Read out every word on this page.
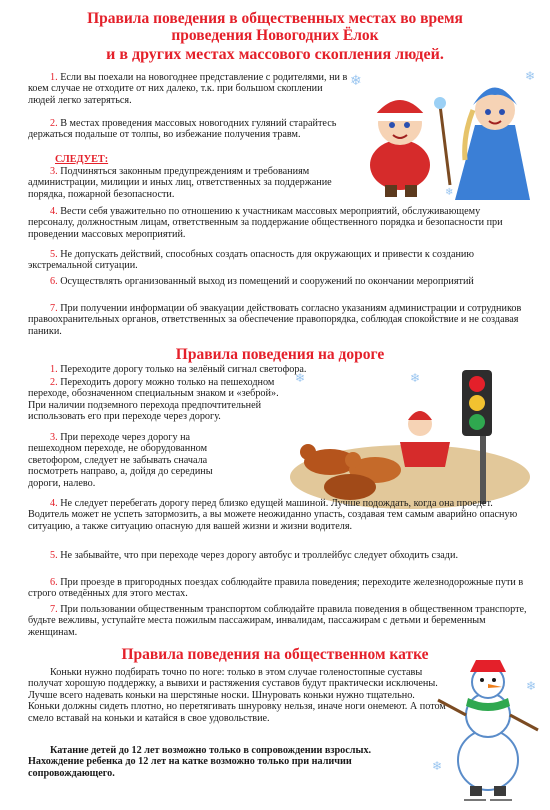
Правила поведения в общественных местах во время
проведения Новогодних Ёлок
и в других местах массового скопления людей.
❄	❄
❄
1. Если вы поехали на новогоднее представление с родителями, ни в коем случае не отходите от них далеко, т.к. при большом скоплении людей легко затеряться.
2. В местах проведения массовых новогодних гуляний старайтесь держаться подальше от толпы, во избежание получения травм.
СЛЕДУЕТ:
3. Подчиняться законным предупреждениям и требованиям администрации, милиции и иных лиц, ответственных за поддержание порядка, пожарной безопасности.
4. Вести себя уважительно по отношению к участникам массовых мероприятий, обслуживающему персоналу, должностным лицам, ответственным за поддержание общественного порядка и безопасности при проведении массовых мероприятий.
5. Не допускать действий, способных создать опасность для окружающих и привести к созданию экстремальной ситуации.
6. Осуществлять организованный выход из помещений и сооружений по окончании мероприятий
7. При получении информации об эвакуации действовать согласно указаниям администрации и сотрудников правоохранительных органов, ответственных за обеспечение правопорядка, соблюдая спокойствие и не создавая паники.
Правила поведения на дороге
❄	❄
1. Переходите дорогу только на зелёный сигнал светофора.
2. Переходить дорогу можно только на пешеходном переходе, обозначенном специальным знаком и «зеброй». При наличии подземного перехода предпочтительней использовать его при переходе через дорогу.
3. При переходе через дорогу на пешеходном переходе, не оборудованном светофором, следует не забывать сначала посмотреть направо, а, дойдя до середины дороги, налево.
4. Не следует перебегать дорогу перед близко едущей машиной. Лучше подождать, когда она проедет. Водитель может не успеть затормозить, а вы можете неожиданно упасть, создавая тем самым аварийно опасную ситуацию, а также ситуацию опасную для вашей жизни и жизни водителя.
5. Не забывайте, что при переходе через дорогу автобус и троллейбус следует обходить сзади.
6. При проезде в пригородных поездах соблюдайте правила поведения; переходите железнодорожные пути в строго отведённых для этого местах.
7. При пользовании общественным транспортом соблюдайте правила поведения в общественном транспорте, будьте вежливы, уступайте места пожилым пассажирам, инвалидам, пассажирам с детьми и беременным женщинам.
Правила поведения на общественном катке
Коньки нужно подбирать точно по ноге: только в этом случае голеностопные суставы получат хорошую поддержку, а вывихи и растяжения суставов будут практически исключены. Лучше всего надевать коньки на шерстяные носки. Шнуровать коньки нужно тщательно. Коньки должны сидеть плотно, но перетягивать шнуровку нельзя, иначе ноги онемеют. А потом смело вставай на коньки и катайся в свое удовольствие.
Катание детей до 12 лет возможно только в сопровождении взрослых. Нахождение ребенка до 12 лет на катке возможно только при наличии сопровождающего.
❄
❄
